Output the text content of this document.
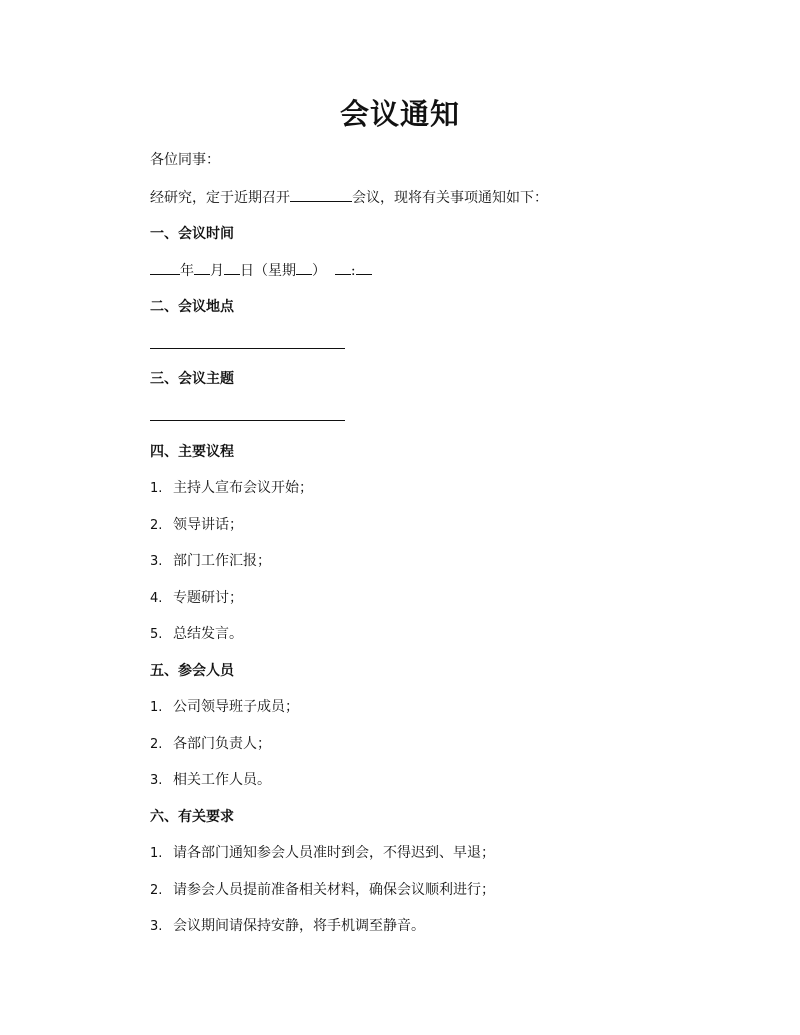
会议通知
各位同事：
经研究，定于近期召开	会议，现将有关事项通知如下：
一、会议时间
年 月 日（星期 ） :
二、会议地点
三、会议主题
四、主要议程
1. 主持人宣布会议开始；
2. 领导讲话；
3. 部门工作汇报；
4. 专题研讨；
5. 总结发言。
五、参会人员
1. 公司领导班子成员；
2. 各部门负责人；
3. 相关工作人员。
六、有关要求
1. 请各部门通知参会人员准时到会，不得迟到、早退；
2. 请参会人员提前准备相关材料，确保会议顺利进行；
3. 会议期间请保持安静，将手机调至静音。
